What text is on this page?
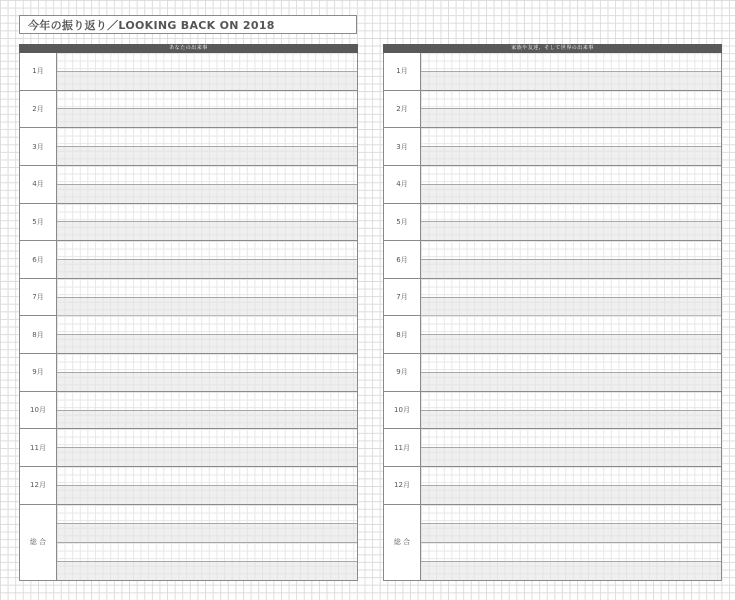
今年の振り返り／LOOKING BACK ON 2018
あなたの出来事
1月
2月
3月
4月
5月
6月
7月
8月
9月
10月
11月
12月
総 合
家族や友達、そして世界の出来事
1月
2月
3月
4月
5月
6月
7月
8月
9月
10月
11月
12月
総 合
